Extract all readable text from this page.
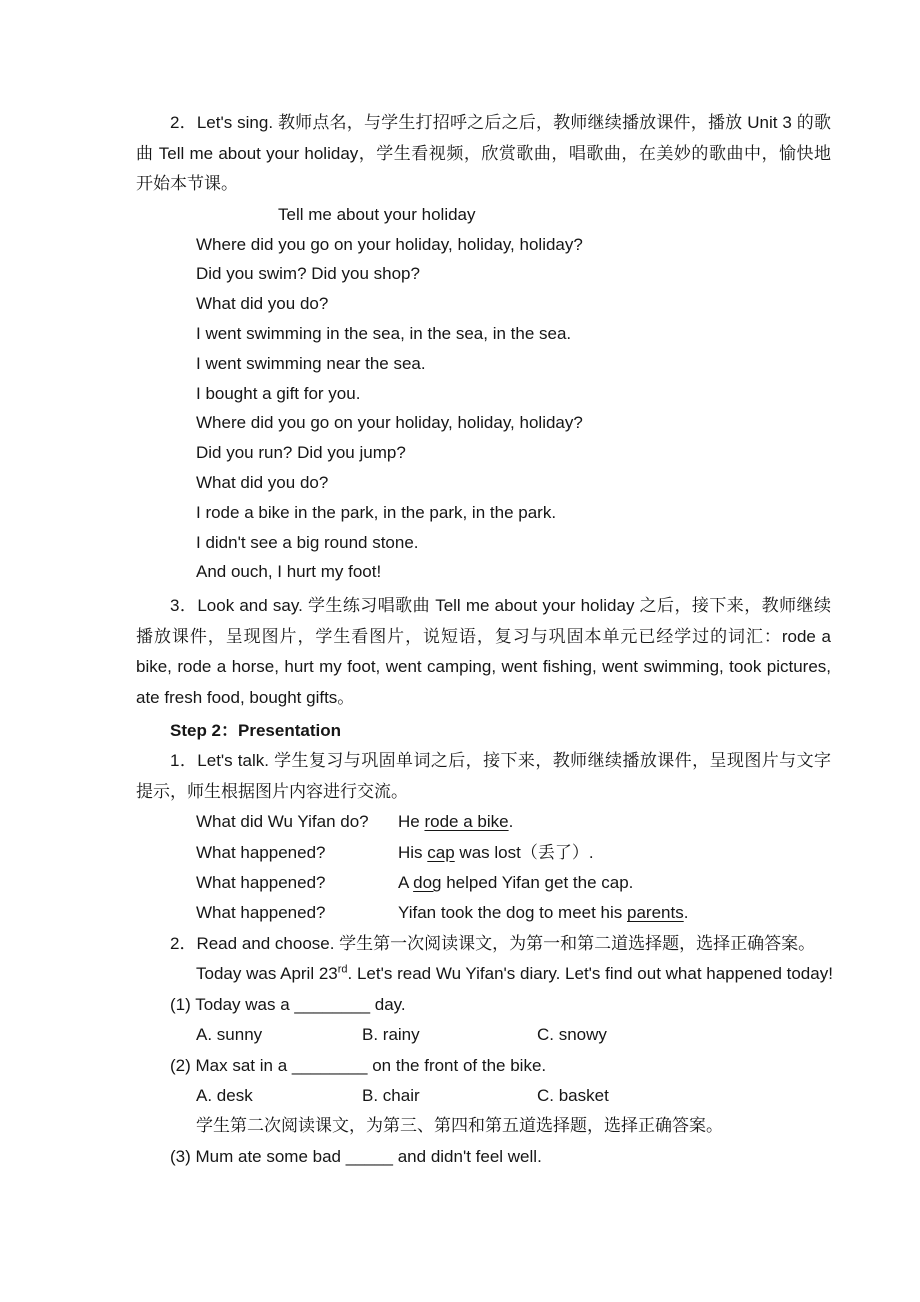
2．Let's sing. 教师点名，与学生打招呼之后之后，教师继续播放课件，播放 Unit 3 的歌曲 Tell me about your holiday，学生看视频，欣赏歌曲，唱歌曲，在美妙的歌曲中，愉快地开始本节课。

Tell me about your holiday
Where did you go on your holiday, holiday, holiday?
Did you swim? Did you shop?
What did you do?
I went swimming in the sea, in the sea, in the sea.
I went swimming near the sea.
I bought a gift for you.
Where did you go on your holiday, holiday, holiday?
Did you run? Did you jump?
What did you do?
I rode a bike in the park, in the park, in the park.
I didn't see a big round stone.
And ouch, I hurt my foot!

3．Look and say. 学生练习唱歌曲 Tell me about your holiday 之后，接下来，教师继续播放课件，呈现图片，学生看图片，说短语，复习与巩固本单元已经学过的词汇：rode a bike, rode a horse, hurt my foot, went camping, went fishing, went swimming, took pictures, ate fresh food, bought gifts。

Step 2：Presentation

1．Let's talk. 学生复习与巩固单词之后，接下来，教师继续播放课件，呈现图片与文字提示，师生根据图片内容进行交流。

What did Wu Yifan do?	He rode a bike.
What happened?	His cap was lost（丢了）.
What happened?	A dog helped Yifan get the cap.
What happened?	Yifan took the dog to meet his parents.

2．Read and choose. 学生第一次阅读课文，为第一和第二道选择题，选择正确答案。

Today was April 23rd. Let's read Wu Yifan's diary. Let's find out what happened today!
(1) Today was a ________ day.
A. sunny	B. rainy	C. snowy
(2) Max sat in a ________ on the front of the bike.
A. desk	B. chair	C. basket
学生第二次阅读课文，为第三、第四和第五道选择题，选择正确答案。
(3) Mum ate some bad _____ and didn't feel well.
